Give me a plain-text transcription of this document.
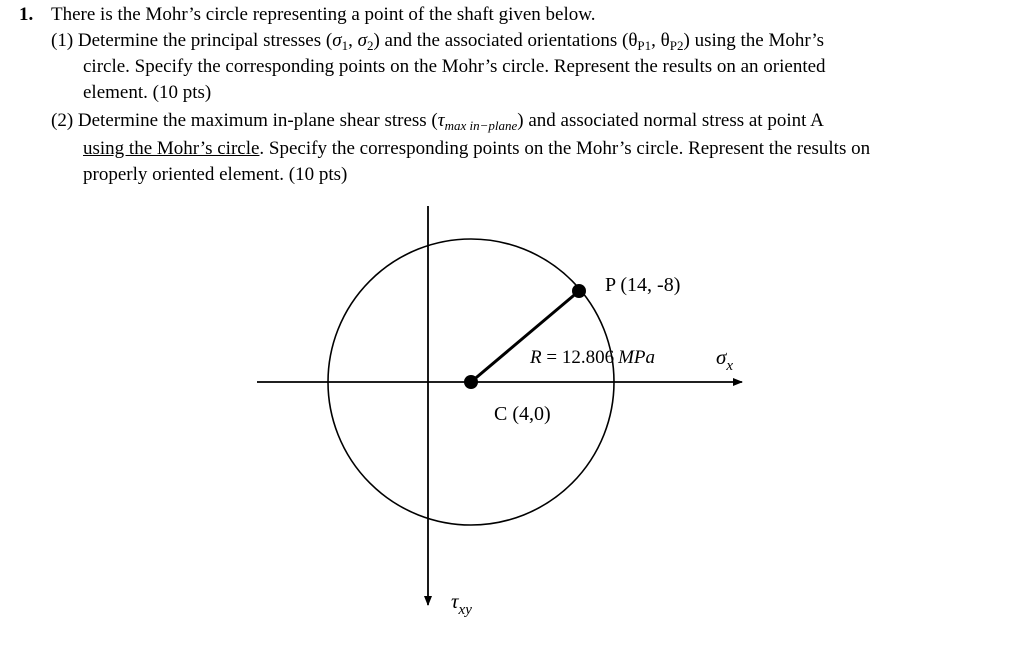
1. There is the Mohr’s circle representing a point of the shaft given below.
(1) Determine the principal stresses ($\sigma_1$, $\sigma_2$) and the associated orientations ($\theta_{P1}$, $\theta_{P2}$) using the Mohr’s
circle. Specify the corresponding points on the Mohr’s circle. Represent the results on an oriented
element. (10 pts)
(2) Determine the maximum in-plane shear stress $(\tau_{max in-plane})$ and associated normal stress at point A
using the Mohr’s circle. Specify the corresponding points on the Mohr’s circle. Represent the results on
properly oriented element. (10 pts)
P (14, -8)
C (4,0)
R = 12.806 MPa	$\sigma_x$
$\tau_{xy}$
